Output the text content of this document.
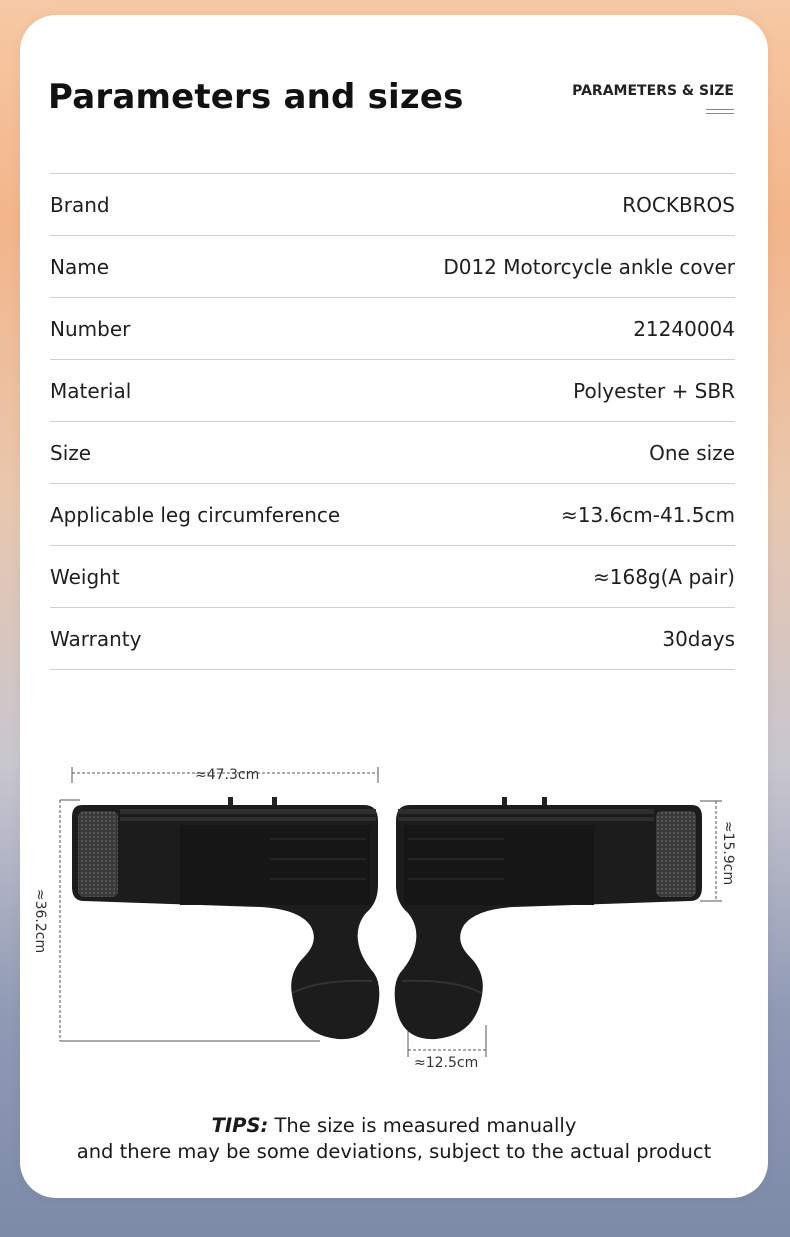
Parameters and sizes	PARAMETERS & SIZE
Brand	ROCKBROS
Name	D012 Motorcycle ankle cover
Number	21240004
Material	Polyester + SBR
Size	One size
Applicable leg circumference	≈13.6cm-41.5cm
Weight	≈168g(A pair)
Warranty	30days
≈47.3cm
≈36.2cm
≈15.9cm
≈12.5cm
TIPS: The size is measured manually
and there may be some deviations, subject to the actual product
